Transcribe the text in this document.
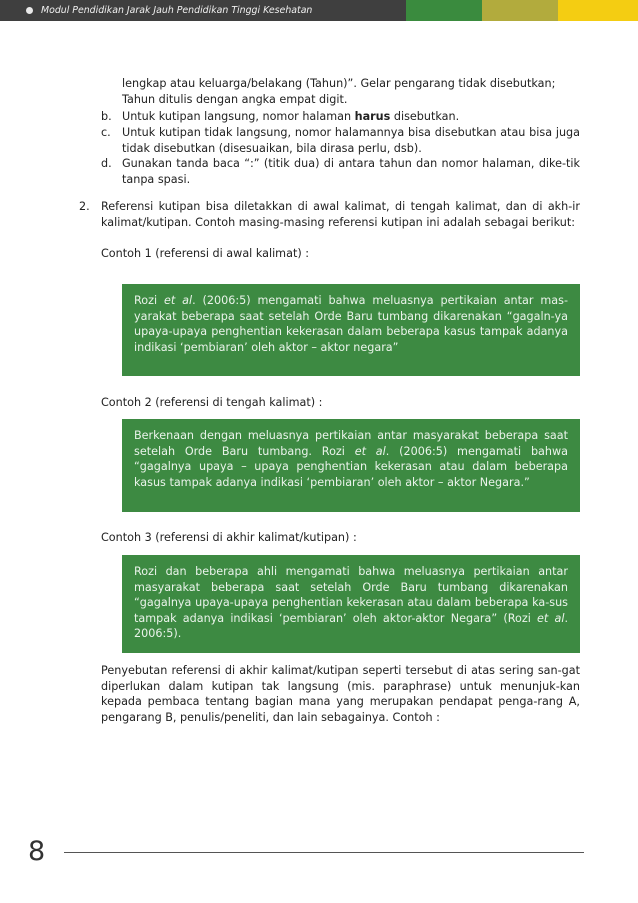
Modul Pendidikan Jarak Jauh Pendidikan Tinggi Kesehatan
lengkap atau keluarga/belakang (Tahun)”. Gelar pengarang tidak disebutkan;
Tahun ditulis dengan angka empat digit.
b. Untuk kutipan langsung, nomor halaman harus disebutkan.
c. Untuk kutipan tidak langsung, nomor halamannya bisa disebutkan atau bisa juga tidak disebutkan (disesuaikan, bila dirasa perlu, dsb).
d. Gunakan tanda baca “:” (titik dua) di antara tahun dan nomor halaman, dike-tik tanpa spasi.
2. Referensi kutipan bisa diletakkan di awal kalimat, di tengah kalimat, dan di akh-ir kalimat/kutipan. Contoh masing-masing referensi kutipan ini adalah sebagai berikut:
Contoh 1 (referensi di awal kalimat) :
Rozi et al. (2006:5) mengamati bahwa meluasnya pertikaian antar mas-yarakat beberapa saat setelah Orde Baru tumbang dikarenakan “gagaln-ya upaya-upaya penghentian kekerasan dalam beberapa kasus tampak adanya indikasi ‘pembiaran’ oleh aktor – aktor negara”
Contoh 2 (referensi di tengah kalimat) :
Berkenaan dengan meluasnya pertikaian antar masyarakat beberapa saat setelah Orde Baru tumbang. Rozi et al. (2006:5) mengamati bahwa “gagalnya upaya – upaya penghentian kekerasan atau dalam beberapa kasus tampak adanya indikasi ‘pembiaran’ oleh aktor – aktor Negara.”
Contoh 3 (referensi di akhir kalimat/kutipan) :
Rozi dan beberapa ahli mengamati bahwa meluasnya pertikaian antar masyarakat beberapa saat setelah Orde Baru tumbang dikarenakan “gagalnya upaya-upaya penghentian kekerasan atau dalam beberapa ka-sus tampak adanya indikasi ‘pembiaran’ oleh aktor-aktor Negara” (Rozi et al. 2006:5).
Penyebutan referensi di akhir kalimat/kutipan seperti tersebut di atas sering san-gat diperlukan dalam kutipan tak langsung (mis. paraphrase) untuk menunjuk-kan kepada pembaca tentang bagian mana yang merupakan pendapat penga-rang A, pengarang B, penulis/peneliti, dan lain sebagainya. Contoh :
8
